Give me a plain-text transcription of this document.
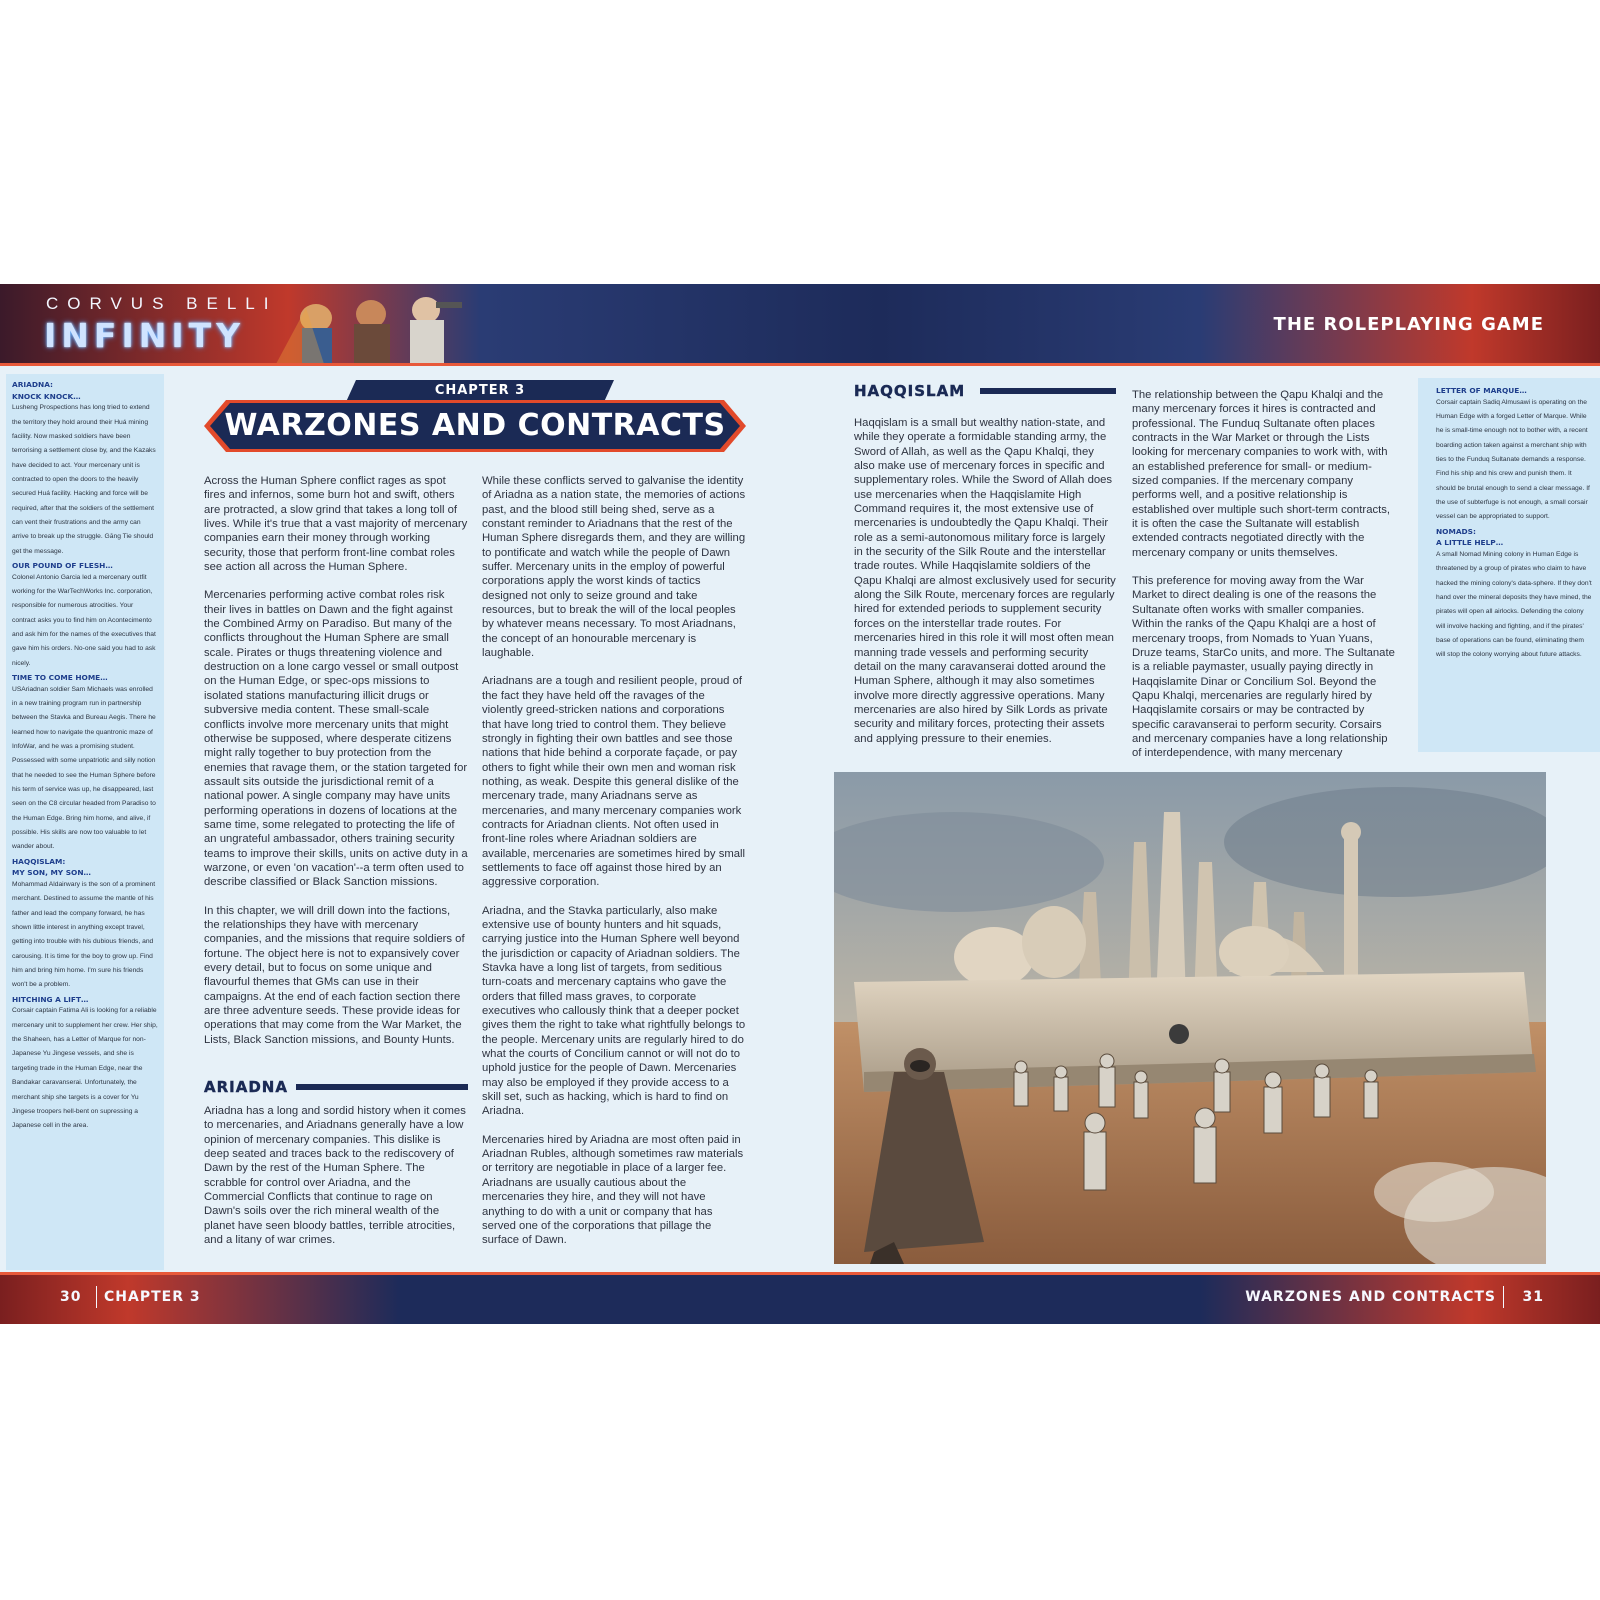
CORVUS BELLI
INFINITY	THE ROLEPLAYING GAME
ARIADNA:
KNOCK KNOCK…
Lusheng Prospections has long tried to extend the territory they hold around their Huá mining facility. Now masked soldiers have been terrorising a settlement close by, and the Kazaks have decided to act. Your mercenary unit is contracted to open the doors to the heavily secured Huá facility. Hacking and force will be required, after that the soldiers of the settlement can vent their frustrations and the army can arrive to break up the struggle. Gāng Tie should get the message.
OUR POUND OF FLESH…
Colonel Antonio Garcia led a mercenary outfit working for the WarTechWorks Inc. corporation, responsible for numerous atrocities. Your contract asks you to find him on Acontecimento and ask him for the names of the executives that gave him his orders. No-one said you had to ask nicely.
TIME TO COME HOME…
USAriadnan soldier Sam Michaels was enrolled in a new training program run in partnership between the Stavka and Bureau Aegis. There he learned how to navigate the quantronic maze of InfoWar, and he was a promising student. Possessed with some unpatriotic and silly notion that he needed to see the Human Sphere before his term of service was up, he disappeared, last seen on the C8 circular headed from Paradiso to the Human Edge. Bring him home, and alive, if possible. His skills are now too valuable to let wander about.
HAQQISLAM:
MY SON, MY SON…
Mohammad Aldairwary is the son of a prominent merchant. Destined to assume the mantle of his father and lead the company forward, he has shown little interest in anything except travel, getting into trouble with his dubious friends, and carousing. It is time for the boy to grow up. Find him and bring him home. I'm sure his friends won't be a problem.
HITCHING A LIFT…
Corsair captain Fatima Ali is looking for a reliable mercenary unit to supplement her crew. Her ship, the Shaheen, has a Letter of Marque for non-Japanese Yu Jingese vessels, and she is targeting trade in the Human Edge, near the Bandakar caravanserai. Unfortunately, the merchant ship she targets is a cover for Yu Jingese troopers hell-bent on supressing a Japanese cell in the area.
CHAPTER 3
WARZONES AND CONTRACTS

Across the Human Sphere conflict rages as spot fires and infernos, some burn hot and swift, others are protracted, a slow grind that takes a long toll of lives. While it's true that a vast majority of mercenary companies earn their money through working security, those that perform front-line combat roles see action all across the Human Sphere.

Mercenaries performing active combat roles risk their lives in battles on Dawn and the fight against the Combined Army on Paradiso. But many of the conflicts throughout the Human Sphere are small scale. Pirates or thugs threatening violence and destruction on a lone cargo vessel or small outpost on the Human Edge, or spec-ops missions to isolated stations manufacturing illicit drugs or subversive media content. These small-scale conflicts involve more mercenary units that might otherwise be supposed, where desperate citizens might rally together to buy protection from the enemies that ravage them, or the station targeted for assault sits outside the jurisdictional remit of a national power. A single company may have units performing operations in dozens of locations at the same time, some relegated to protecting the life of an ungrateful ambassador, others training security teams to improve their skills, units on active duty in a warzone, or even 'on vacation'--a term often used to describe classified or Black Sanction missions.

In this chapter, we will drill down into the factions, the relationships they have with mercenary companies, and the missions that require soldiers of fortune. The object here is not to expansively cover every detail, but to focus on some unique and flavourful themes that GMs can use in their campaigns. At the end of each faction section there are three adventure seeds. These provide ideas for operations that may come from the War Market, the Lists, Black Sanction missions, and Bounty Hunts.

ARIADNA

Ariadna has a long and sordid history when it comes to mercenaries, and Ariadnans generally have a low opinion of mercenary companies. This dislike is deep seated and traces back to the rediscovery of Dawn by the rest of the Human Sphere. The scrabble for control over Ariadna, and the Commercial Conflicts that continue to rage on Dawn's soils over the rich mineral wealth of the planet have seen bloody battles, terrible atrocities, and a litany of war crimes.

While these conflicts served to galvanise the identity of Ariadna as a nation state, the memories of actions past, and the blood still being shed, serve as a constant reminder to Ariadnans that the rest of the Human Sphere disregards them, and they are willing to pontificate and watch while the people of Dawn suffer. Mercenary units in the employ of powerful corporations apply the worst kinds of tactics designed not only to seize ground and take resources, but to break the will of the local peoples by whatever means necessary. To most Ariadnans, the concept of an honourable mercenary is laughable.

Ariadnans are a tough and resilient people, proud of the fact they have held off the ravages of the violently greed-stricken nations and corporations that have long tried to control them. They believe strongly in fighting their own battles and see those nations that hide behind a corporate façade, or pay others to fight while their own men and woman risk nothing, as weak. Despite this general dislike of the mercenary trade, many Ariadnans serve as mercenaries, and many mercenary companies work contracts for Ariadnan clients. Not often used in front-line roles where Ariadnan soldiers are available, mercenaries are sometimes hired by small settlements to face off against those hired by an aggressive corporation.

Ariadna, and the Stavka particularly, also make extensive use of bounty hunters and hit squads, carrying justice into the Human Sphere well beyond the jurisdiction or capacity of Ariadnan soldiers. The Stavka have a long list of targets, from seditious turn-coats and mercenary captains who gave the orders that filled mass graves, to corporate executives who callously think that a deeper pocket gives them the right to take what rightfully belongs to the people. Mercenary units are regularly hired to do what the courts of Concilium cannot or will not do to uphold justice for the people of Dawn. Mercenaries may also be employed if they provide access to a skill set, such as hacking, which is hard to find on Ariadna.

Mercenaries hired by Ariadna are most often paid in Ariadnan Rubles, although sometimes raw materials or territory are negotiable in place of a larger fee. Ariadnans are usually cautious about the mercenaries they hire, and they will not have anything to do with a unit or company that has served one of the corporations that pillage the surface of Dawn.

HAQQISLAM

Haqqislam is a small but wealthy nation-state, and while they operate a formidable standing army, the Sword of Allah, as well as the Qapu Khalqi, they also make use of mercenary forces in specific and supplementary roles. While the Sword of Allah does use mercenaries when the Haqqislamite High Command requires it, the most extensive use of mercenaries is undoubtedly the Qapu Khalqi. Their role as a semi-autonomous military force is largely in the security of the Silk Route and the interstellar trade routes. While Haqqislamite soldiers of the Qapu Khalqi are almost exclusively used for security along the Silk Route, mercenary forces are regularly hired for extended periods to supplement security forces on the interstellar trade routes. For mercenaries hired in this role it will most often mean manning trade vessels and performing security detail on the many caravanserai dotted around the Human Sphere, although it may also sometimes involve more directly aggressive operations. Many mercenaries are also hired by Silk Lords as private security and military forces, protecting their assets and applying pressure to their enemies.

The relationship between the Qapu Khalqi and the many mercenary forces it hires is contracted and professional. The Funduq Sultanate often places contracts in the War Market or through the Lists looking for mercenary companies to work with, with an established preference for small- or medium-sized companies. If the mercenary company performs well, and a positive relationship is established over multiple such short-term contracts, it is often the case the Sultanate will establish extended contracts negotiated directly with the mercenary company or units themselves.

This preference for moving away from the War Market to direct dealing is one of the reasons the Sultanate often works with smaller companies. Within the ranks of the Qapu Khalqi are a host of mercenary troops, from Nomads to Yuan Yuans, Druze teams, StarCo units, and more. The Sultanate is a reliable paymaster, usually paying directly in Haqqislamite Dinar or Concilium Sol. Beyond the Qapu Khalqi, mercenaries are regularly hired by Haqqislamite corsairs or may be contracted by specific caravanserai to perform security. Corsairs and mercenary companies have a long relationship of interdependence, with many mercenary

LETTER OF MARQUE…
Corsair captain Sadiq Almusawi is operating on the Human Edge with a forged Letter of Marque. While he is small-time enough not to bother with, a recent boarding action taken against a merchant ship with ties to the Funduq Sultanate demands a response. Find his ship and his crew and punish them. It should be brutal enough to send a clear message. If the use of subterfuge is not enough, a small corsair vessel can be appropriated to support.
NOMADS:
A LITTLE HELP…
A small Nomad Mining colony in Human Edge is threatened by a group of pirates who claim to have hacked the mining colony's data-sphere. If they don't hand over the mineral deposits they have mined, the pirates will open all airlocks. Defending the colony will involve hacking and fighting, and if the pirates' base of operations can be found, eliminating them will stop the colony worrying about future attacks.
30 CHAPTER 3	WARZONES AND CONTRACTS 31
